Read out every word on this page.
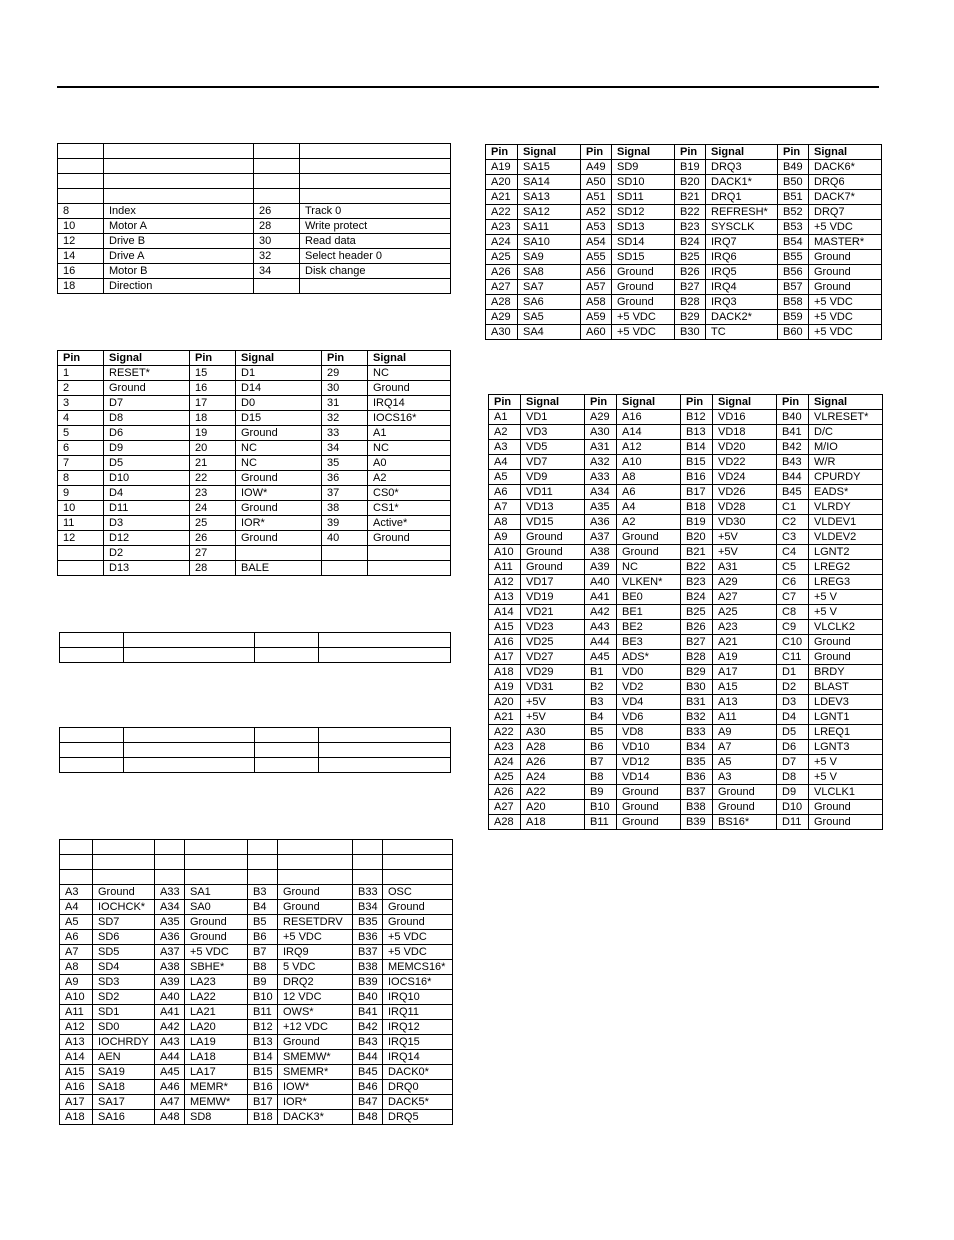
8	Index	26	Track 0
10	Motor A	28	Write protect
12	Drive B	30	Read data
14	Drive A	32	Select header 0
16	Motor B	34	Disk change
18	Direction		
Pin	Signal	Pin	Signal	Pin	Signal
1	RESET*	15	D1	29	NC
2	Ground	16	D14	30	Ground
3	D7	17	D0	31	IRQ14
4	D8	18	D15	32	IOCS16*
5	D6	19	Ground	33	A1
6	D9	20	NC	34	NC
7	D5	21	NC	35	A0
8	D10	22	Ground	36	A2
9	D4	23	IOW*	37	CS0*
10	D11	24	Ground	38	CS1*
11	D3	25	IOR*	39	Active*
12	D12	26	Ground	40	Ground
	D2	27			
	D13	28	BALE		

A3	Ground	A33	SA1	B3	Ground	B33	OSC
A4	IOCHCK*	A34	SA0	B4	Ground	B34	Ground
A5	SD7	A35	Ground	B5	RESETDRV	B35	Ground
A6	SD6	A36	Ground	B6	+5 VDC	B36	+5 VDC
A7	SD5	A37	+5 VDC	B7	IRQ9	B37	+5 VDC
A8	SD4	A38	SBHE*	B8	5 VDC	B38	MEMCS16*
A9	SD3	A39	LA23	B9	DRQ2	B39	IOCS16*
A10	SD2	A40	LA22	B10	12 VDC	B40	IRQ10
A11	SD1	A41	LA21	B11	OWS*	B41	IRQ11
A12	SD0	A42	LA20	B12	+12 VDC	B42	IRQ12
A13	IOCHRDY	A43	LA19	B13	Ground	B43	IRQ15
A14	AEN	A44	LA18	B14	SMEMW*	B44	IRQ14
A15	SA19	A45	LA17	B15	SMEMR*	B45	DACK0*
A16	SA18	A46	MEMR*	B16	IOW*	B46	DRQ0
A17	SA17	A47	MEMW*	B17	IOR*	B47	DACK5*
A18	SA16	A48	SD8	B18	DACK3*	B48	DRQ5
Pin	Signal	Pin	Signal	Pin	Signal	Pin	Signal
A19	SA15	A49	SD9	B19	DRQ3	B49	DACK6*
A20	SA14	A50	SD10	B20	DACK1*	B50	DRQ6
A21	SA13	A51	SD11	B21	DRQ1	B51	DACK7*
A22	SA12	A52	SD12	B22	REFRESH*	B52	DRQ7
A23	SA11	A53	SD13	B23	SYSCLK	B53	+5 VDC
A24	SA10	A54	SD14	B24	IRQ7	B54	MASTER*
A25	SA9	A55	SD15	B25	IRQ6	B55	Ground
A26	SA8	A56	Ground	B26	IRQ5	B56	Ground
A27	SA7	A57	Ground	B27	IRQ4	B57	Ground
A28	SA6	A58	Ground	B28	IRQ3	B58	+5 VDC
A29	SA5	A59	+5 VDC	B29	DACK2*	B59	+5 VDC
A30	SA4	A60	+5 VDC	B30	TC	B60	+5 VDC
Pin	Signal	Pin	Signal	Pin	Signal	Pin	Signal
A1	VD1	A29	A16	B12	VD16	B40	VLRESET*
A2	VD3	A30	A14	B13	VD18	B41	D/C
A3	VD5	A31	A12	B14	VD20	B42	M/IO
A4	VD7	A32	A10	B15	VD22	B43	W/R
A5	VD9	A33	A8	B16	VD24	B44	CPURDY
A6	VD11	A34	A6	B17	VD26	B45	EADS*
A7	VD13	A35	A4	B18	VD28	C1	VLRDY
A8	VD15	A36	A2	B19	VD30	C2	VLDEV1
A9	Ground	A37	Ground	B20	+5V	C3	VLDEV2
A10	Ground	A38	Ground	B21	+5V	C4	LGNT2
A11	Ground	A39	NC	B22	A31	C5	LREG2
A12	VD17	A40	VLKEN*	B23	A29	C6	LREG3
A13	VD19	A41	BE0	B24	A27	C7	+5 V
A14	VD21	A42	BE1	B25	A25	C8	+5 V
A15	VD23	A43	BE2	B26	A23	C9	VLCLK2
A16	VD25	A44	BE3	B27	A21	C10	Ground
A17	VD27	A45	ADS*	B28	A19	C11	Ground
A18	VD29	B1	VD0	B29	A17	D1	BRDY
A19	VD31	B2	VD2	B30	A15	D2	BLAST
A20	+5V	B3	VD4	B31	A13	D3	LDEV3
A21	+5V	B4	VD6	B32	A11	D4	LGNT1
A22	A30	B5	VD8	B33	A9	D5	LREQ1
A23	A28	B6	VD10	B34	A7	D6	LGNT3
A24	A26	B7	VD12	B35	A5	D7	+5 V
A25	A24	B8	VD14	B36	A3	D8	+5 V
A26	A22	B9	Ground	B37	Ground	D9	VLCLK1
A27	A20	B10	Ground	B38	Ground	D10	Ground
A28	A18	B11	Ground	B39	BS16*	D11	Ground
